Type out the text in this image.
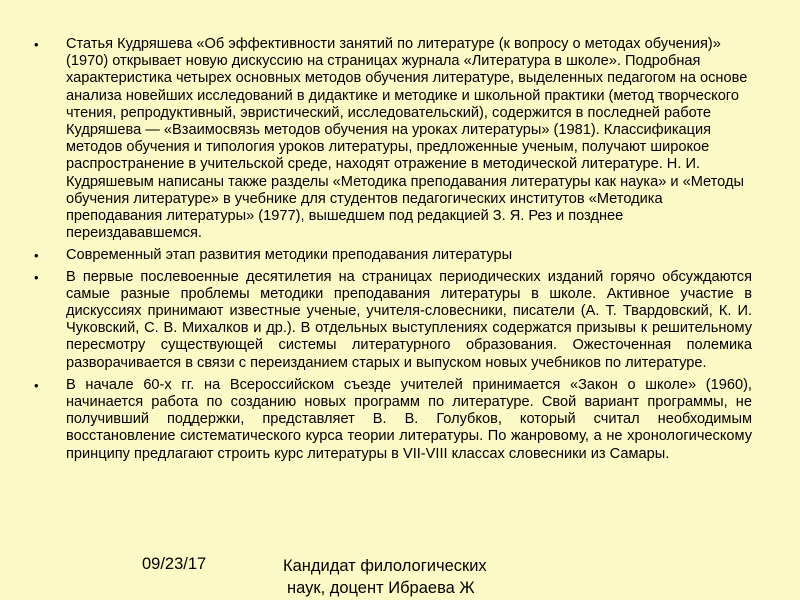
• Статья Кудряшева «Об эффективности занятий по литературе (к вопросу о методах обучения)» (1970) открывает новую дискуссию на страницах журнала «Литература в школе». Подробная характеристика четырех основных методов обучения литературе, выделенных педагогом на основе анализа новейших исследований в дидактике и методике и школьной практики (метод творческого чтения, репродуктивный, эвристический, исследовательский), содержится в последней работе Кудряшева — «Взаимосвязь методов обучения на уроках литературы» (1981). Классификация методов обучения и типология уроков литературы, предложенные ученым, получают широкое распространение в учительской среде, находят отражение в методической литературе. Н. И. Кудряшевым написаны также разделы «Методика преподавания литературы как наука» и «Методы обучения литературе» в учебнике для студентов педагогических институтов «Методика преподавания литературы» (1977), вышедшем под редакцией З. Я. Рез и позднее переиздававшемся.
• Современный этап развития методики преподавания литературы
• В первые послевоенные десятилетия на страницах периодических изданий горячо обсуждаются самые разные проблемы методики преподавания литературы в школе. Активное участие в дискуссиях принимают известные ученые, учителя-словесники, писатели (А. Т. Твардовский, К. И. Чуковский, С. В. Михалков и др.). В отдельных выступлениях содержатся призывы к решительному пересмотру существующей системы литературного образования. Ожесточенная полемика разворачивается в связи с переизданием старых и выпуском новых учебников по литературе.
• В начале 60-х гг. на Всероссийском съезде учителей принимается «Закон о школе» (1960), начинается работа по созданию новых программ по литературе. Свой вариант программы, не получивший поддержки, представляет В. В. Голубков, который считал необходимым восстановление систематического курса теории литературы. По жанровому, а не хронологическому принципу предлагают строить курс литературы в VII-VIII классах словесники из Самары.
09/23/17	Кандидат филологических
наук, доцент Ибраева Ж
